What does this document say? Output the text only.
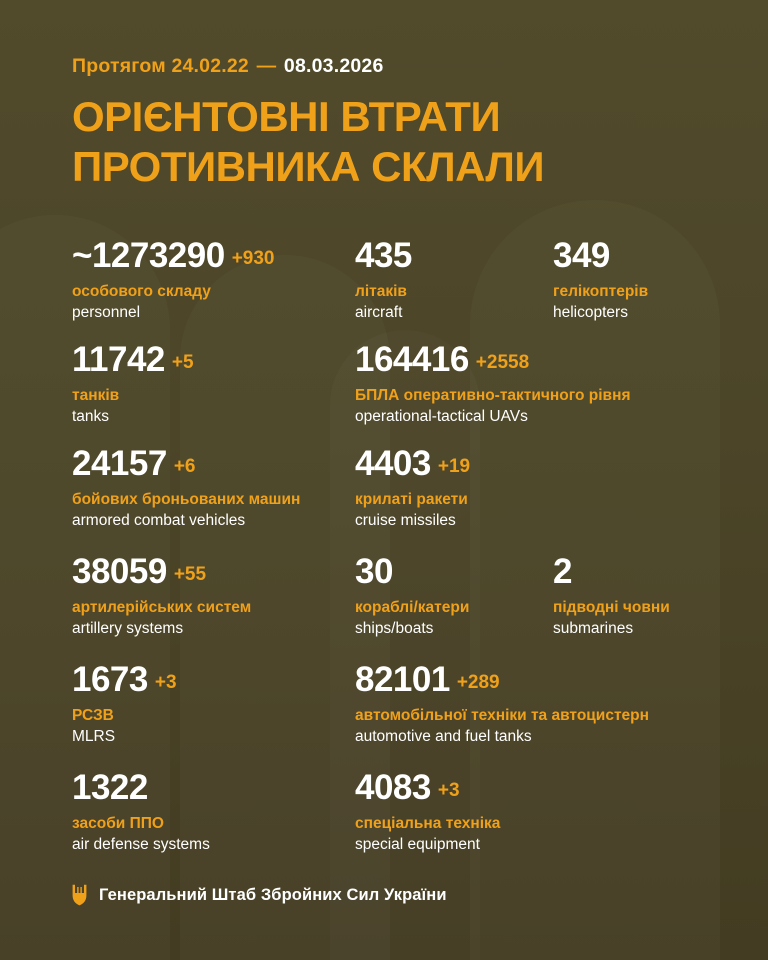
Протягом 24.02.22 — 08.03.2026
ОРІЄНТОВНІ ВТРАТИ
ПРОТИВНИКА СКЛАЛИ
~1273290 +930
особового складу
personnel
435
літаків
aircraft
349
гелікоптерів
helicopters
11742 +5
танків
tanks
164416 +2558
БПЛА оперативно-тактичного рівня
operational-tactical UAVs
24157 +6
бойових броньованих машин
armored combat vehicles
4403 +19
крилаті ракети
cruise missiles
38059 +55
артилерійських систем
artillery systems
30
кораблі/катери
ships/boats
2
підводні човни
submarines
1673 +3
РСЗВ
MLRS
82101 +289
автомобільної техніки та автоцистерн
automotive and fuel tanks
1322
засоби ППО
air defense systems
4083 +3
спеціальна техніка
special equipment
Генеральний Штаб Збройних Сил України
